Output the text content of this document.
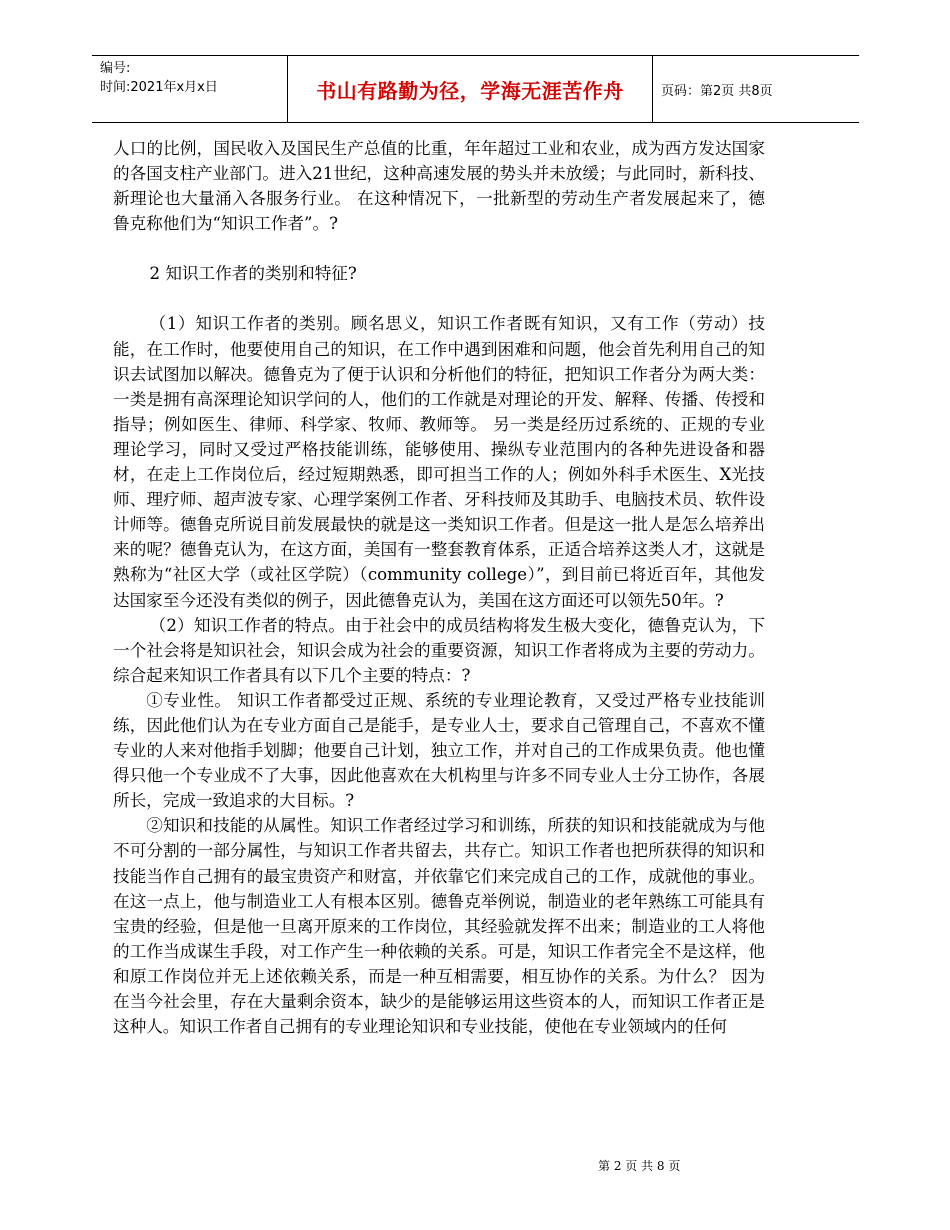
编号:
时间:2021年x月x日	书山有路勤为径，学海无涯苦作舟	页码：第2页 共8页

人口的比例，国民收入及国民生产总值的比重，年年超过工业和农业，成为西方发达国家的各国支柱产业部门。进入21世纪，这种高速发展的势头并未放缓；与此同时，新科技、新理论也大量涌入各服务行业。 在这种情况下，一批新型的劳动生产者发展起来了，德鲁克称他们为“知识工作者”。?

2 知识工作者的类别和特征?

（1）知识工作者的类别。顾名思义，知识工作者既有知识，又有工作（劳动）技能，在工作时，他要使用自己的知识，在工作中遇到困难和问题，他会首先利用自己的知识去试图加以解决。德鲁克为了便于认识和分析他们的特征，把知识工作者分为两大类：一类是拥有高深理论知识学问的人，他们的工作就是对理论的开发、解释、传播、传授和指导；例如医生、律师、科学家、牧师、教师等。 另一类是经历过系统的、正规的专业理论学习，同时又受过严格技能训练，能够使用、操纵专业范围内的各种先进设备和器材，在走上工作岗位后，经过短期熟悉，即可担当工作的人；例如外科手术医生、X光技师、理疗师、超声波专家、心理学案例工作者、牙科技师及其助手、电脑技术员、软件设计师等。德鲁克所说目前发展最快的就是这一类知识工作者。但是这一批人是怎么培养出来的呢？德鲁克认为，在这方面，美国有一整套教育体系，正适合培养这类人才，这就是熟称为“社区大学（或社区学院）（community college）”，到目前已将近百年，其他发达国家至今还没有类似的例子，因此德鲁克认为，美国在这方面还可以领先50年。?

（2）知识工作者的特点。由于社会中的成员结构将发生极大变化，德鲁克认为，下一个社会将是知识社会，知识会成为社会的重要资源，知识工作者将成为主要的劳动力。综合起来知识工作者具有以下几个主要的特点：?

①专业性。 知识工作者都受过正规、系统的专业理论教育，又受过严格专业技能训练，因此他们认为在专业方面自己是能手，是专业人士，要求自己管理自己，不喜欢不懂专业的人来对他指手划脚；他要自己计划，独立工作，并对自己的工作成果负责。他也懂得只他一个专业成不了大事，因此他喜欢在大机构里与许多不同专业人士分工协作，各展所长，完成一致追求的大目标。?

②知识和技能的从属性。知识工作者经过学习和训练，所获的知识和技能就成为与他不可分割的一部分属性，与知识工作者共留去，共存亡。知识工作者也把所获得的知识和技能当作自己拥有的最宝贵资产和财富，并依靠它们来完成自己的工作，成就他的事业。在这一点上，他与制造业工人有根本区别。德鲁克举例说，制造业的老年熟练工可能具有宝贵的经验，但是他一旦离开原来的工作岗位，其经验就发挥不出来；制造业的工人将他的工作当成谋生手段，对工作产生一种依赖的关系。可是，知识工作者完全不是这样，他和原工作岗位并无上述依赖关系，而是一种互相需要，相互协作的关系。为什么？ 因为在当今社会里，存在大量剩余资本，缺少的是能够运用这些资本的人，而知识工作者正是这种人。知识工作者自己拥有的专业理论知识和专业技能，使他在专业领域内的任何

第 2 页 共 8 页
